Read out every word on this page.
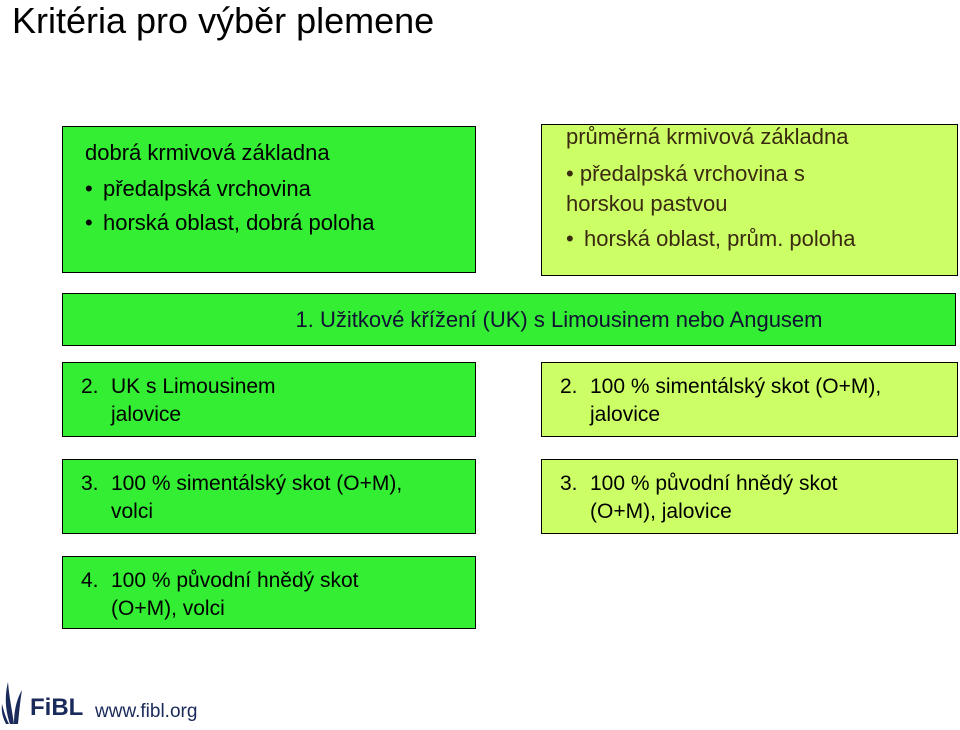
Kritéria pro výběr plemene
dobrá krmivová základna
• předalpská vrchovina
• horská oblast, dobrá poloha
průměrná krmivová základna
• předalpská vrchovina s
horskou pastvou
• horská oblast, prům. poloha
1. Užitkové křížení (UK) s Limousinem nebo Angusem
2. UK s Limousinem
jalovice
2. 100 % simentálský skot (O+M),
jalovice
3. 100 % simentálský skot (O+M),
volci
3. 100 % původní hnědý skot
(O+M), jalovice
4. 100 % původní hnědý skot
(O+M), volci
FiBL www.fibl.org
